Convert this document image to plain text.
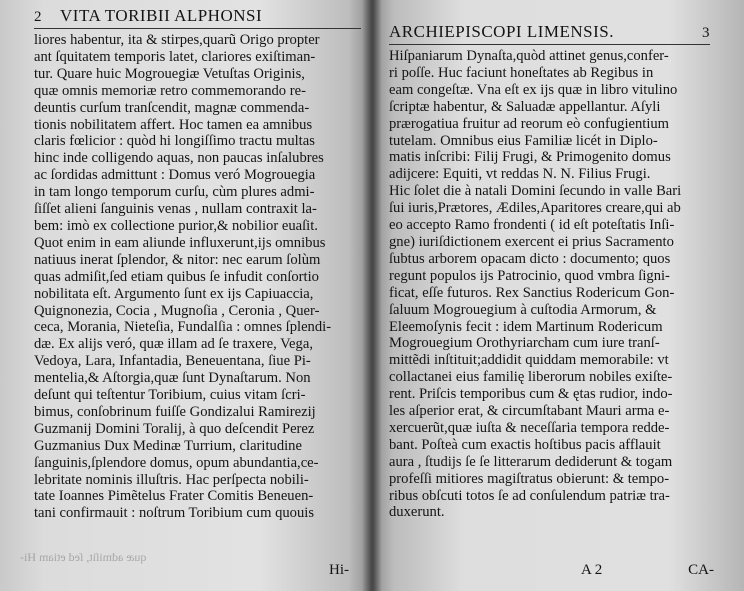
2 VITA TORIBII ALPHONSI
liores habentur, ita & stirpes,quarũ Origo propter
ant ſquitatem temporis latet, clariores exiſtiman-
tur. Quare huic Mogrouegiæ Vetuſtas Originis,
quæ omnis memoriæ retro commemorando re-
deuntis curſum tranſcendit, magnæ commenda-
tionis nobilitatem affert. Hoc tamen ea amnibus
claris fœlicior : quòd hi longiſſimo tractu multas
hinc inde colligendo aquas, non paucas inſalubres
ac ſordidas admittunt : Domus veró Mogrouegia
in tam longo temporum curſu, cùm plures admi-
ſiſſet alieni ſanguinis venas , nullam contraxit la-
bem: imò ex collectione purior,& nobilior euaſit.
Quot enim in eam aliunde influxerunt,ijs omnibus
natiuus inerat ſplendor, & nitor: nec earum ſolùm
quas admiſit,ſed etiam quibus ſe infudit conſortio
nobilitata eſt. Argumento ſunt ex ijs Capiuaccia,
Quignonezia, Cocia , Mugnoſia , Ceronia , Quer-
ceca, Morania, Nieteſia, Fundalſia : omnes ſplendi-
dæ. Ex alijs veró, quæ illam ad ſe traxere, Vega,
Vedoya, Lara, Infantadia, Beneuentana, ſiue Pi-
mentelia,& Aſtorgia,quæ ſunt Dynaſtarum. Non
deſunt qui teſtentur Toribium, cuius vitam ſcri-
bimus, conſobrinum fuiſſe Gondizalui Ramirezij
Guzmanij Domini Toralij, à quo deſcendit Perez
Guzmanius Dux Medinæ Turrium, claritudine
ſanguinis,ſplendore domus, opum abundantia,ce-
lebritate nominis illuſtris. Hac perſpecta nobili-
tate Ioannes Pimẽtelus Frater Comitis Beneuen-
tani confirmauit : noſtrum Toribium cum quouis
quæ admiſit, ſed etiam Hi-
Hi-
ARCHIEPISCOPI LIMENSIS.	3
Hiſpaniarum Dynaſta,quòd attinet genus,confer-
ri poſſe. Huc faciunt honeſtates ab Regibus in
eam congeſtæ. Vna eſt ex ijs quæ in libro vitulino
ſcriptæ habentur, & Saluadæ appellantur. Aſyli
prærogatiua fruitur ad reorum eò confugientium
tutelam. Omnibus eius Familiæ licét in Diplo-
matis inſcribi: Filij Frugi, & Primogenito domus
adijcere: Equiti, vt reddas N. N. Filius Frugi.
Hic ſolet die à natali Domini ſecundo in valle Bari
ſui iuris,Prætores, Ædiles,Aparitores creare,qui ab
eo accepto Ramo frondenti ( id eſt poteſtatis Inſi-
gne) iuriſdictionem exercent ei prius Sacramento
ſubtus arborem opacam dicto : documento; quos
regunt populos ijs Patrocinio, quod vmbra ſigni-
ficat, eſſe futuros. Rex Sanctius Rodericum Gon-
ſaluum Mogrouegium à cuſtodia Armorum, &
Eleemoſynis fecit : idem Martinum Rodericum
Mogrouegium Orothyriarcham cum iure tranſ-
mittẽdi inſtituit;addidit quiddam memorabile: vt
collactanei eius familię liberorum nobiles exiſte-
rent. Priſcis temporibus cum & ętas rudior, indo-
les aſperior erat, & circumſtabant Mauri arma e-
xercuerũt,quæ iuſta & neceſſaria tempora redde-
bant. Poſteà cum exactis hoſtibus pacis afflauit
aura , ſtudijs ſe ſe litterarum dediderunt & togam
profeſſi mitiores magiſtratus obierunt: & tempo-
ribus obſcuti totos ſe ad conſulendum patriæ tra-
duxerunt.
A 2	CA-
